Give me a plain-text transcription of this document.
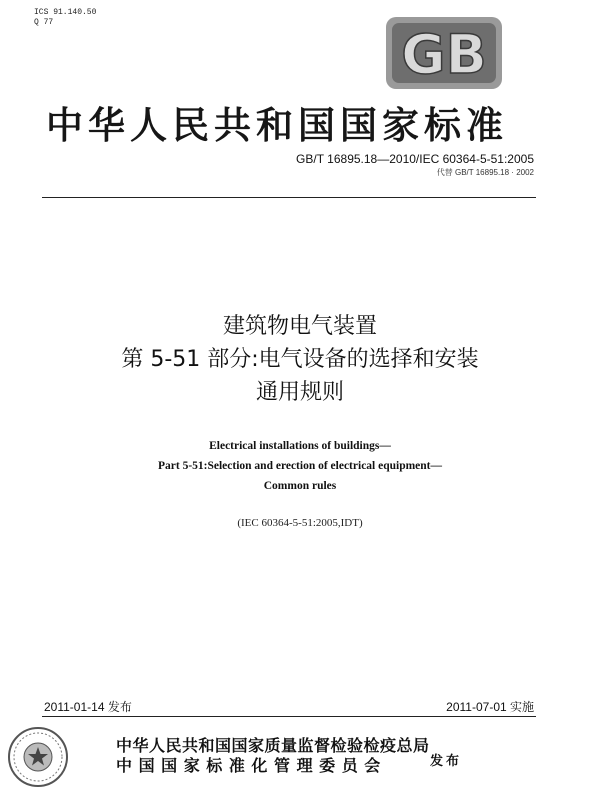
ICS 91.140.50
Q 77
GB
中华人民共和国国家标准
GB/T 16895.18—2010/IEC 60364-5-51:2005
代替 GB/T 16895.18 · 2002
建筑物电气装置
第 5-51 部分:电气设备的选择和安装
通用规则
Electrical installations of buildings—
Part 5-51:Selection and erection of electrical equipment—
Common rules
(IEC 60364-5-51:2005,IDT)
2011-01-14 发布	2011-07-01 实施
中华人民共和国国家质量监督检验检疫总局
中 国 国 家 标 准 化 管 理 委 员 会	发布
